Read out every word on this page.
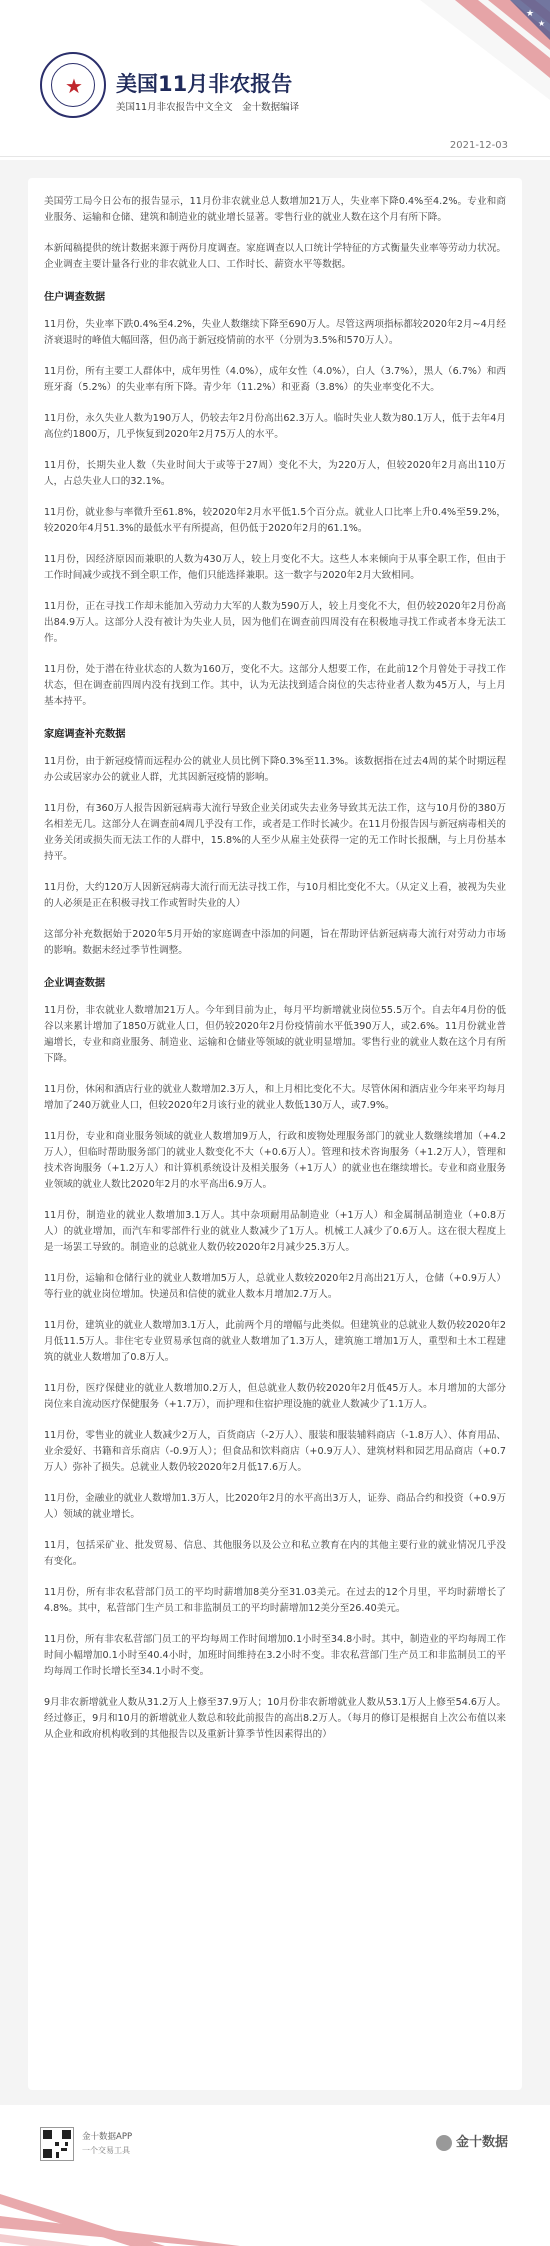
★
★
★	美国11月非农报告
美国11月非农报告中文全文　金十数据编译
2021-12-03
美国劳工局今日公布的报告显示，11月份非农就业总人数增加21万人，失业率下降0.4%至4.2%。专业和商业服务、运输和仓储、建筑和制造业的就业增长显著。零售行业的就业人数在这个月有所下降。
本新闻稿提供的统计数据来源于两份月度调查。家庭调查以人口统计学特征的方式衡量失业率等劳动力状况。企业调查主要计量各行业的非农就业人口、工作时长、薪资水平等数据。
住户调查数据
11月份，失业率下跌0.4%至4.2%，失业人数继续下降至690万人。尽管这两项指标都较2020年2月~4月经济衰退时的峰值大幅回落，但仍高于新冠疫情前的水平（分别为3.5%和570万人）。
11月份，所有主要工人群体中，成年男性（4.0%），成年女性（4.0%），白人（3.7%），黑人（6.7%）和西班牙裔（5.2%）的失业率有所下降。青少年（11.2%）和亚裔（3.8%）的失业率变化不大。
11月份，永久失业人数为190万人，仍较去年2月份高出62.3万人。临时失业人数为80.1万人，低于去年4月高位约1800万，几乎恢复到2020年2月75万人的水平。
11月份，长期失业人数（失业时间大于或等于27周）变化不大，为220万人，但较2020年2月高出110万人，占总失业人口的32.1%。
11月份，就业参与率微升至61.8%，较2020年2月水平低1.5个百分点。就业人口比率上升0.4%至59.2%，较2020年4月51.3%的最低水平有所提高，但仍低于2020年2月的61.1%。
11月份，因经济原因而兼职的人数为430万人，较上月变化不大。这些人本来倾向于从事全职工作，但由于工作时间减少或找不到全职工作，他们只能选择兼职。这一数字与2020年2月大致相同。
11月份，正在寻找工作却未能加入劳动力大军的人数为590万人，较上月变化不大，但仍较2020年2月份高出84.9万人。这部分人没有被计为失业人员，因为他们在调查前四周没有在积极地寻找工作或者本身无法工作。
11月份，处于潜在待业状态的人数为160万，变化不大。这部分人想要工作，在此前12个月曾处于寻找工作状态，但在调查前四周内没有找到工作。其中，认为无法找到适合岗位的失志待业者人数为45万人，与上月基本持平。
家庭调查补充数据
11月份，由于新冠疫情而远程办公的就业人员比例下降0.3%至11.3%。该数据指在过去4周的某个时期远程办公或居家办公的就业人群，尤其因新冠疫情的影响。
11月份，有360万人报告因新冠病毒大流行导致企业关闭或失去业务导致其无法工作，这与10月份的380万名相差无几。这部分人在调查前4周几乎没有工作，或者是工作时长减少。在11月份报告因与新冠病毒相关的业务关闭或损失而无法工作的人群中，15.8%的人至少从雇主处获得一定的无工作时长报酬，与上月份基本持平。
11月份，大约120万人因新冠病毒大流行而无法寻找工作，与10月相比变化不大。（从定义上看，被视为失业的人必须是正在积极寻找工作或暂时失业的人）
这部分补充数据始于2020年5月开始的家庭调查中添加的问题，旨在帮助评估新冠病毒大流行对劳动力市场的影响。数据未经过季节性调整。
企业调查数据
11月份，非农就业人数增加21万人。今年到目前为止，每月平均新增就业岗位55.5万个。自去年4月份的低谷以来累计增加了1850万就业人口，但仍较2020年2月份疫情前水平低390万人，或2.6%。11月份就业普遍增长，专业和商业服务、制造业、运输和仓储业等领域的就业明显增加。零售行业的就业人数在这个月有所下降。
11月份，休闲和酒店行业的就业人数增加2.3万人，和上月相比变化不大。尽管休闲和酒店业今年来平均每月增加了240万就业人口，但较2020年2月该行业的就业人数低130万人，或7.9%。
11月份，专业和商业服务领域的就业人数增加9万人，行政和废物处理服务部门的就业人数继续增加（+4.2万人），但临时帮助服务部门的就业人数变化不大（+0.6万人）。管理和技术咨询服务（+1.2万人），管理和技术咨询服务（+1.2万人）和计算机系统设计及相关服务（+1万人）的就业也在继续增长。专业和商业服务业领域的就业人数比2020年2月的水平高出6.9万人。
11月份，制造业的就业人数增加3.1万人。其中杂项耐用品制造业（+1万人）和金属制品制造业（+0.8万人）的就业增加，而汽车和零部件行业的就业人数减少了1万人。机械工人减少了0.6万人。这在很大程度上是一场罢工导致的。制造业的总就业人数仍较2020年2月减少25.3万人。
11月份，运输和仓储行业的就业人数增加5万人，总就业人数较2020年2月高出21万人，仓储（+0.9万人）等行业的就业岗位增加。快递员和信使的就业人数本月增加2.7万人。
11月份，建筑业的就业人数增加3.1万人，此前两个月的增幅与此类似。但建筑业的总就业人数仍较2020年2月低11.5万人。非住宅专业贸易承包商的就业人数增加了1.3万人，建筑施工增加1万人，重型和土木工程建筑的就业人数增加了0.8万人。
11月份，医疗保健业的就业人数增加0.2万人，但总就业人数仍较2020年2月低45万人。本月增加的大部分岗位来自流动医疗保健服务（+1.7万），而护理和住宿护理设施的就业人数减少了1.1万人。
11月份，零售业的就业人数减少2万人，百货商店（-2万人）、服装和服装辅料商店（-1.8万人）、体育用品、业余爱好、书籍和音乐商店（-0.9万人）；但食品和饮料商店（+0.9万人）、建筑材料和园艺用品商店（+0.7万人）弥补了损失。总就业人数仍较2020年2月低17.6万人。
11月份，金融业的就业人数增加1.3万人，比2020年2月的水平高出3万人，证券、商品合约和投资（+0.9万人）领域的就业增长。
11月，包括采矿业、批发贸易、信息、其他服务以及公立和私立教育在内的其他主要行业的就业情况几乎没有变化。
11月份，所有非农私营部门员工的平均时薪增加8美分至31.03美元。在过去的12个月里，平均时薪增长了4.8%。其中，私营部门生产员工和非监制员工的平均时薪增加12美分至26.40美元。
11月份，所有非农私营部门员工的平均每周工作时间增加0.1小时至34.8小时。其中，制造业的平均每周工作时间小幅增加0.1小时至40.4小时，加班时间维持在3.2小时不变。非农私营部门生产员工和非监制员工的平均每周工作时长增长至34.1小时不变。
9月非农新增就业人数从31.2万人上修至37.9万人；10月份非农新增就业人数从53.1万人上修至54.6万人。经过修正，9月和10月的新增就业人数总和较此前报告的高出8.2万人。（每月的修订是根据自上次公布值以来从企业和政府机构收到的其他报告以及重新计算季节性因素得出的）
金十数据APP
一个交易工具
金十数据
